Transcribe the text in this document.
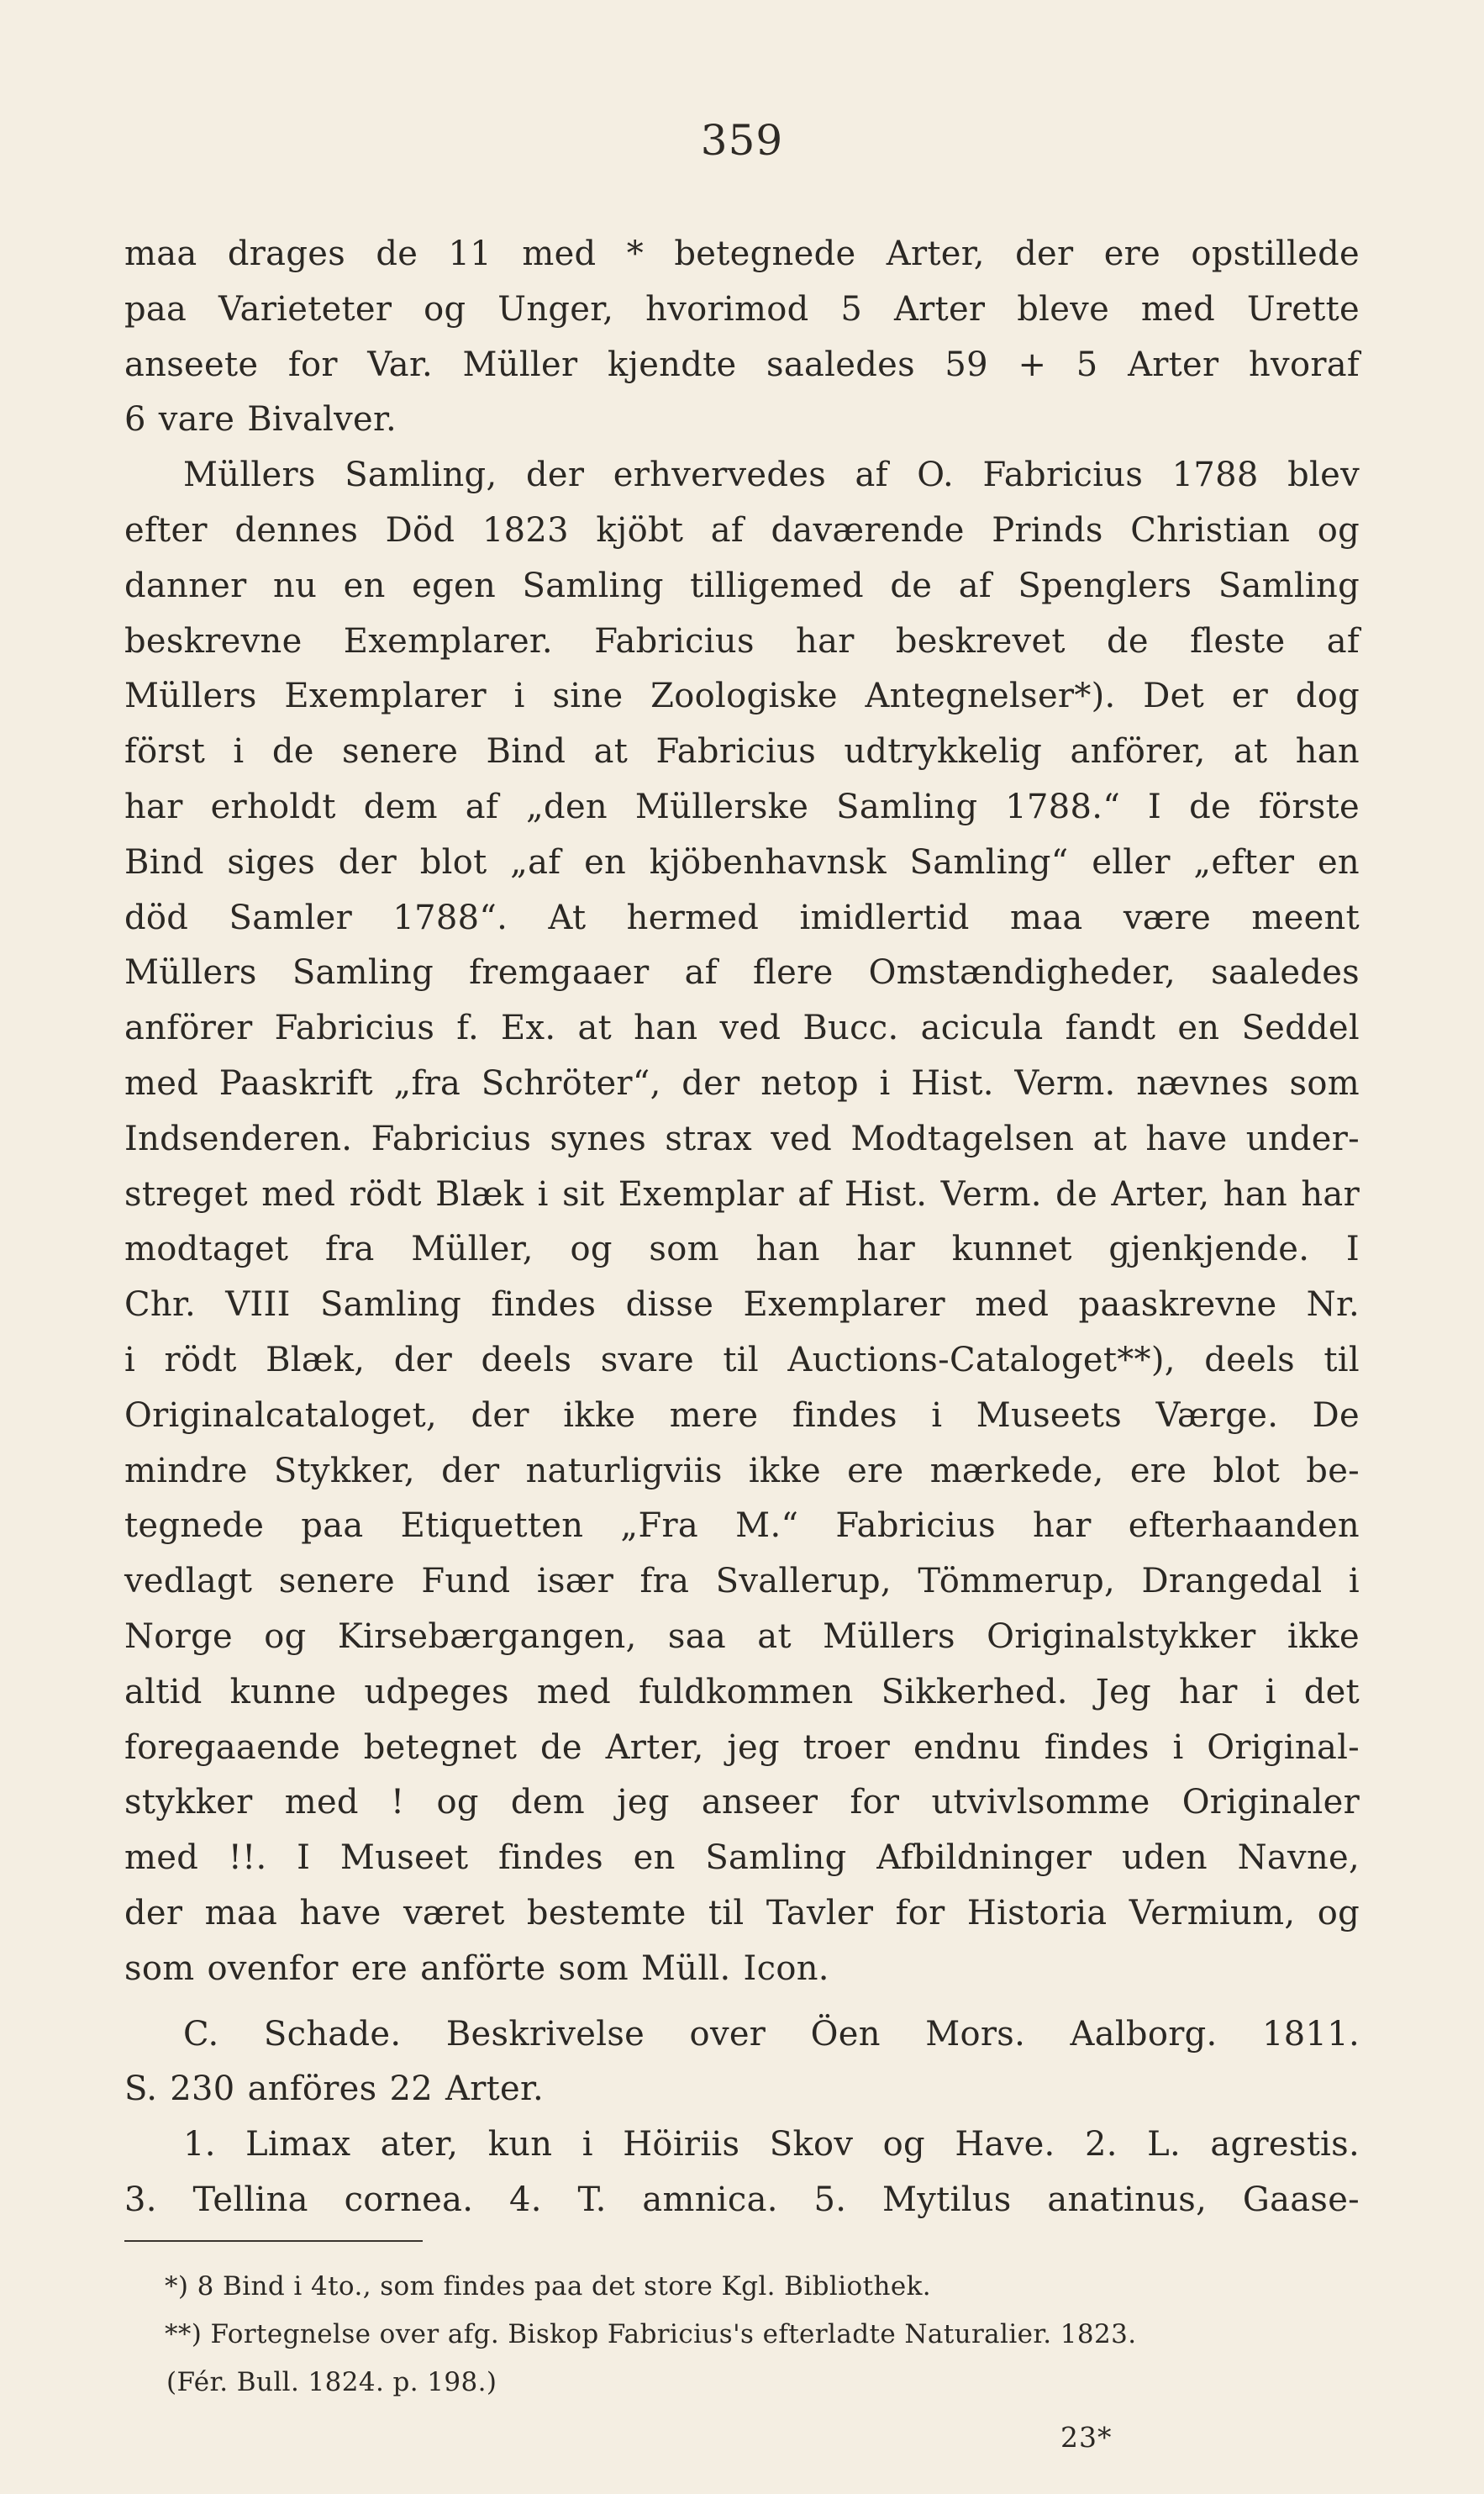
359
maa drages de 11 med * betegnede Arter, der ere opstillede
paa Varieteter og Unger, hvorimod 5 Arter bleve med Urette
anseete for Var. Müller kjendte saaledes 59 + 5 Arter hvoraf
6 vare Bivalver.
Müllers Samling, der erhvervedes af O. Fabricius 1788 blev
efter dennes Död 1823 kjöbt af daværende Prinds Christian og
danner nu en egen Samling tilligemed de af Spenglers Samling
beskrevne Exemplarer. Fabricius har beskrevet de fleste af
Müllers Exemplarer i sine Zoologiske Antegnelser*). Det er dog
först i de senere Bind at Fabricius udtrykkelig anförer, at han
har erholdt dem af „den Müllerske Samling 1788.“ I de förste
Bind siges der blot „af en kjöbenhavnsk Samling“ eller „efter en
död Samler 1788“. At hermed imidlertid maa være meent
Müllers Samling fremgaaer af flere Omstændigheder, saaledes
anförer Fabricius f. Ex. at han ved Bucc. acicula fandt en Seddel
med Paaskrift „fra Schröter“, der netop i Hist. Verm. nævnes som
Indsenderen. Fabricius synes strax ved Modtagelsen at have under-
streget med rödt Blæk i sit Exemplar af Hist. Verm. de Arter, han har
modtaget fra Müller, og som han har kunnet gjenkjende. I
Chr. VIII Samling findes disse Exemplarer med paaskrevne Nr.
i rödt Blæk, der deels svare til Auctions-Cataloget**), deels til
Originalcataloget, der ikke mere findes i Museets Værge. De
mindre Stykker, der naturligviis ikke ere mærkede, ere blot be-
tegnede paa Etiquetten „Fra M.“ Fabricius har efterhaanden
vedlagt senere Fund især fra Svallerup, Tömmerup, Drangedal i
Norge og Kirsebærgangen, saa at Müllers Originalstykker ikke
altid kunne udpeges med fuldkommen Sikkerhed. Jeg har i det
foregaaende betegnet de Arter, jeg troer endnu findes i Original-
stykker med ! og dem jeg anseer for utvivlsomme Originaler
med !!. I Museet findes en Samling Afbildninger uden Navne,
der maa have været bestemte til Tavler for Historia Vermium, og
som ovenfor ere anförte som Müll. Icon.
C. Schade. Beskrivelse over Öen Mors. Aalborg. 1811.
S. 230 anföres 22 Arter.
1. Limax ater, kun i Höiriis Skov og Have. 2. L. agrestis.
3. Tellina cornea. 4. T. amnica. 5. Mytilus anatinus, Gaase-
*) 8 Bind i 4to., som findes paa det store Kgl. Bibliothek.
**) Fortegnelse over afg. Biskop Fabricius's efterladte Naturalier. 1823.
(Fér. Bull. 1824. p. 198.)
23*
